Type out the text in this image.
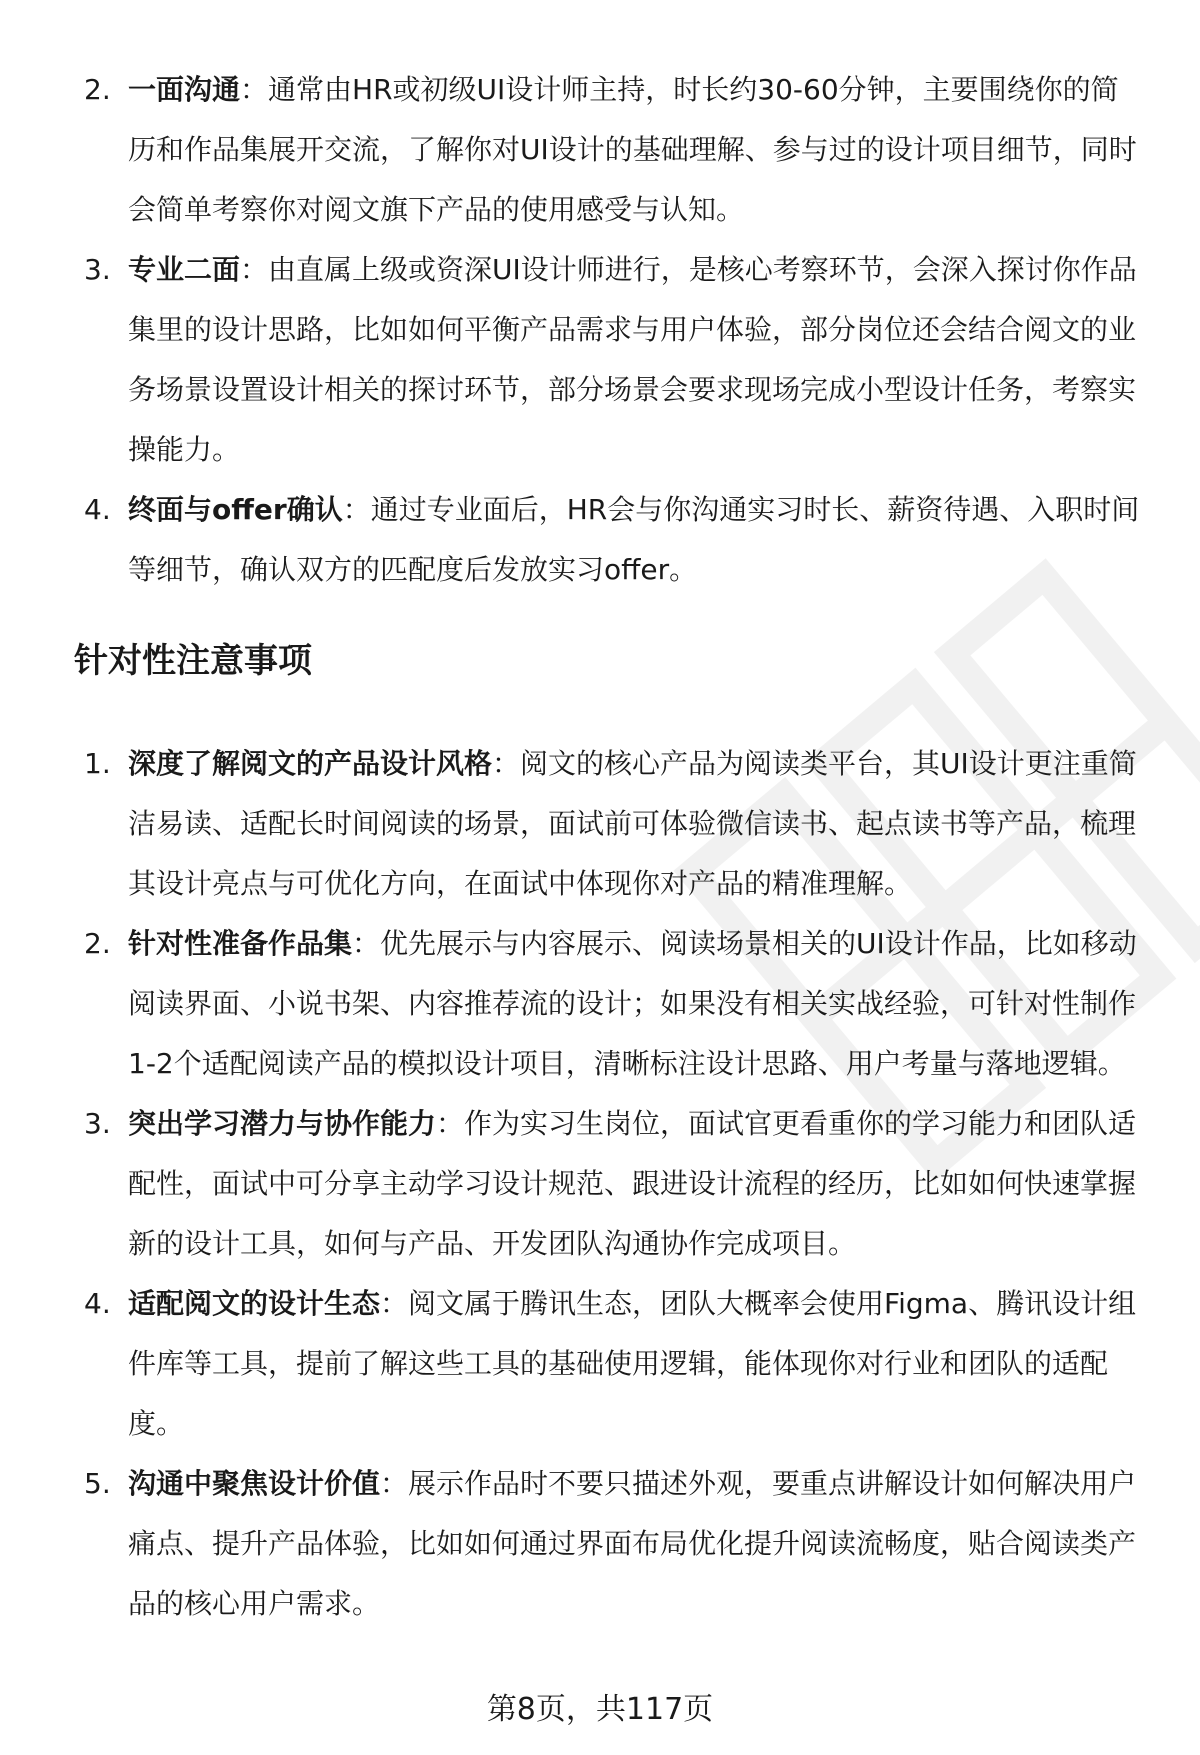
2. 一面沟通：通常由HR或初级UI设计师主持，时长约30-60分钟，主要围绕你的简历和作品集展开交流，了解你对UI设计的基础理解、参与过的设计项目细节，同时会简单考察你对阅文旗下产品的使用感受与认知。
3. 专业二面：由直属上级或资深UI设计师进行，是核心考察环节，会深入探讨你作品集里的设计思路，比如如何平衡产品需求与用户体验，部分岗位还会结合阅文的业务场景设置设计相关的探讨环节，部分场景会要求现场完成小型设计任务，考察实操能力。
4. 终面与offer确认：通过专业面后，HR会与你沟通实习时长、薪资待遇、入职时间等细节，确认双方的匹配度后发放实习offer。
针对性注意事项
1. 深度了解阅文的产品设计风格：阅文的核心产品为阅读类平台，其UI设计更注重简洁易读、适配长时间阅读的场景，面试前可体验微信读书、起点读书等产品，梳理其设计亮点与可优化方向，在面试中体现你对产品的精准理解。
2. 针对性准备作品集：优先展示与内容展示、阅读场景相关的UI设计作品，比如移动阅读界面、小说书架、内容推荐流的设计；如果没有相关实战经验，可针对性制作1-2个适配阅读产品的模拟设计项目，清晰标注设计思路、用户考量与落地逻辑。
3. 突出学习潜力与协作能力：作为实习生岗位，面试官更看重你的学习能力和团队适配性，面试中可分享主动学习设计规范、跟进设计流程的经历，比如如何快速掌握新的设计工具，如何与产品、开发团队沟通协作完成项目。
4. 适配阅文的设计生态：阅文属于腾讯生态，团队大概率会使用Figma、腾讯设计组件库等工具，提前了解这些工具的基础使用逻辑，能体现你对行业和团队的适配度。
5. 沟通中聚焦设计价值：展示作品时不要只描述外观，要重点讲解设计如何解决用户痛点、提升产品体验，比如如何通过界面布局优化提升阅读流畅度，贴合阅读类产品的核心用户需求。
第8页，共117页
